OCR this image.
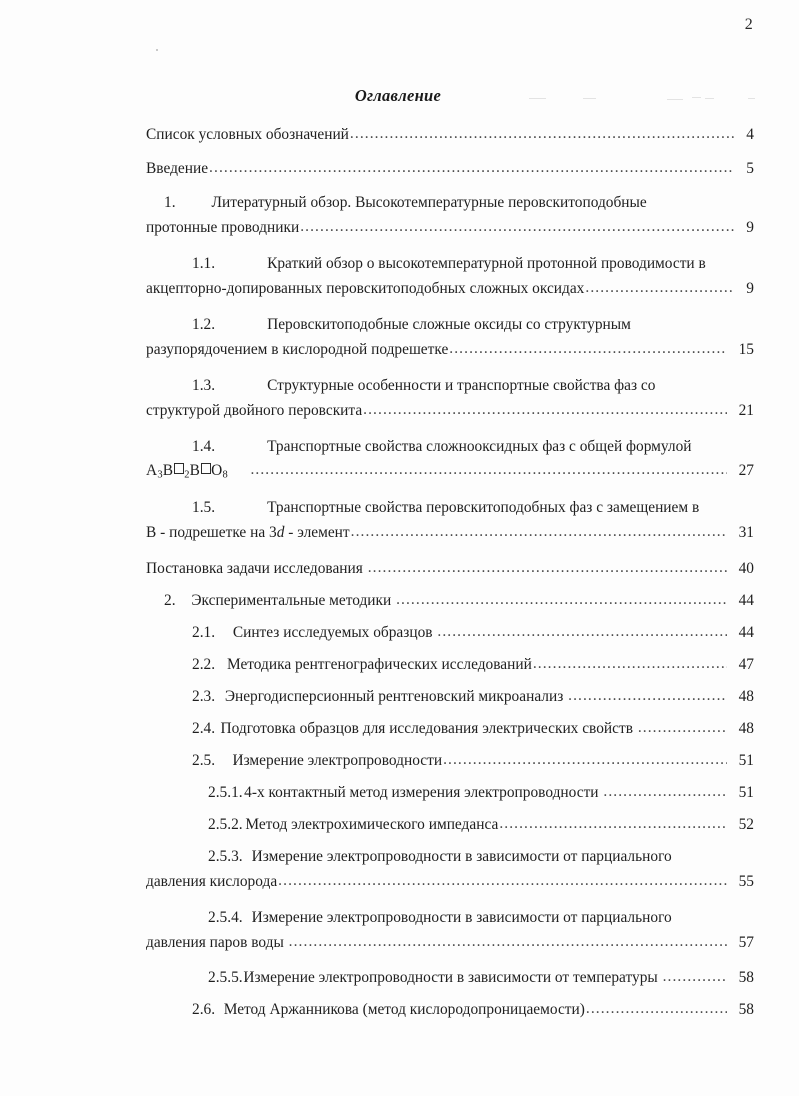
2
Оглавление
Список условных обозначений .....	4
Введение .....	5
1. Литературный обзор. Высокотемпературные перовскитоподобные
протонные проводники .....	9
1.1.	Краткий обзор о высокотемпературной протонной проводимости в
акцепторно-допированных перовскитоподобных сложных оксидах .....	9
1.2.	Перовскитоподобные сложные оксиды со структурным
разупорядочением в кислородной подрешетке .....	15
1.3.	Структурные особенности и транспортные свойства фаз со
структурой двойного перовскита .....	21
1.4.	Транспортные свойства сложнооксидных фаз с общей формулой
$A_3B$ $_2$B $O_8$ .....	27
1.5.	Транспортные свойства перовскитоподобных фаз с замещением в
В - подрешетке на 3d - элемент .....	31
Постановка задачи исследования .....	40
2. Экспериментальные методики .....	44
2.1. Синтез исследуемых образцов .....	44
2.2. Методика рентгенографических исследований .....	47
2.3. Энергодисперсионный рентгеновский микроанализ .....	48
2.4. Подготовка образцов для исследования электрических свойств .....	48
2.5. Измерение электропроводности .....	51
2.5.1. 4-х контактный метод измерения электропроводности .....	51
2.5.2. Метод электрохимического импеданса .....	52
2.5.3. Измерение электропроводности в зависимости от парциального
давления кислорода .....	55
2.5.4. Измерение электропроводности в зависимости от парциального
давления паров воды .....	57
2.5.5. Измерение электропроводности в зависимости от температуры .....	58
2.6. Метод Аржанникова (метод кислородопроницаемости) .....	58
